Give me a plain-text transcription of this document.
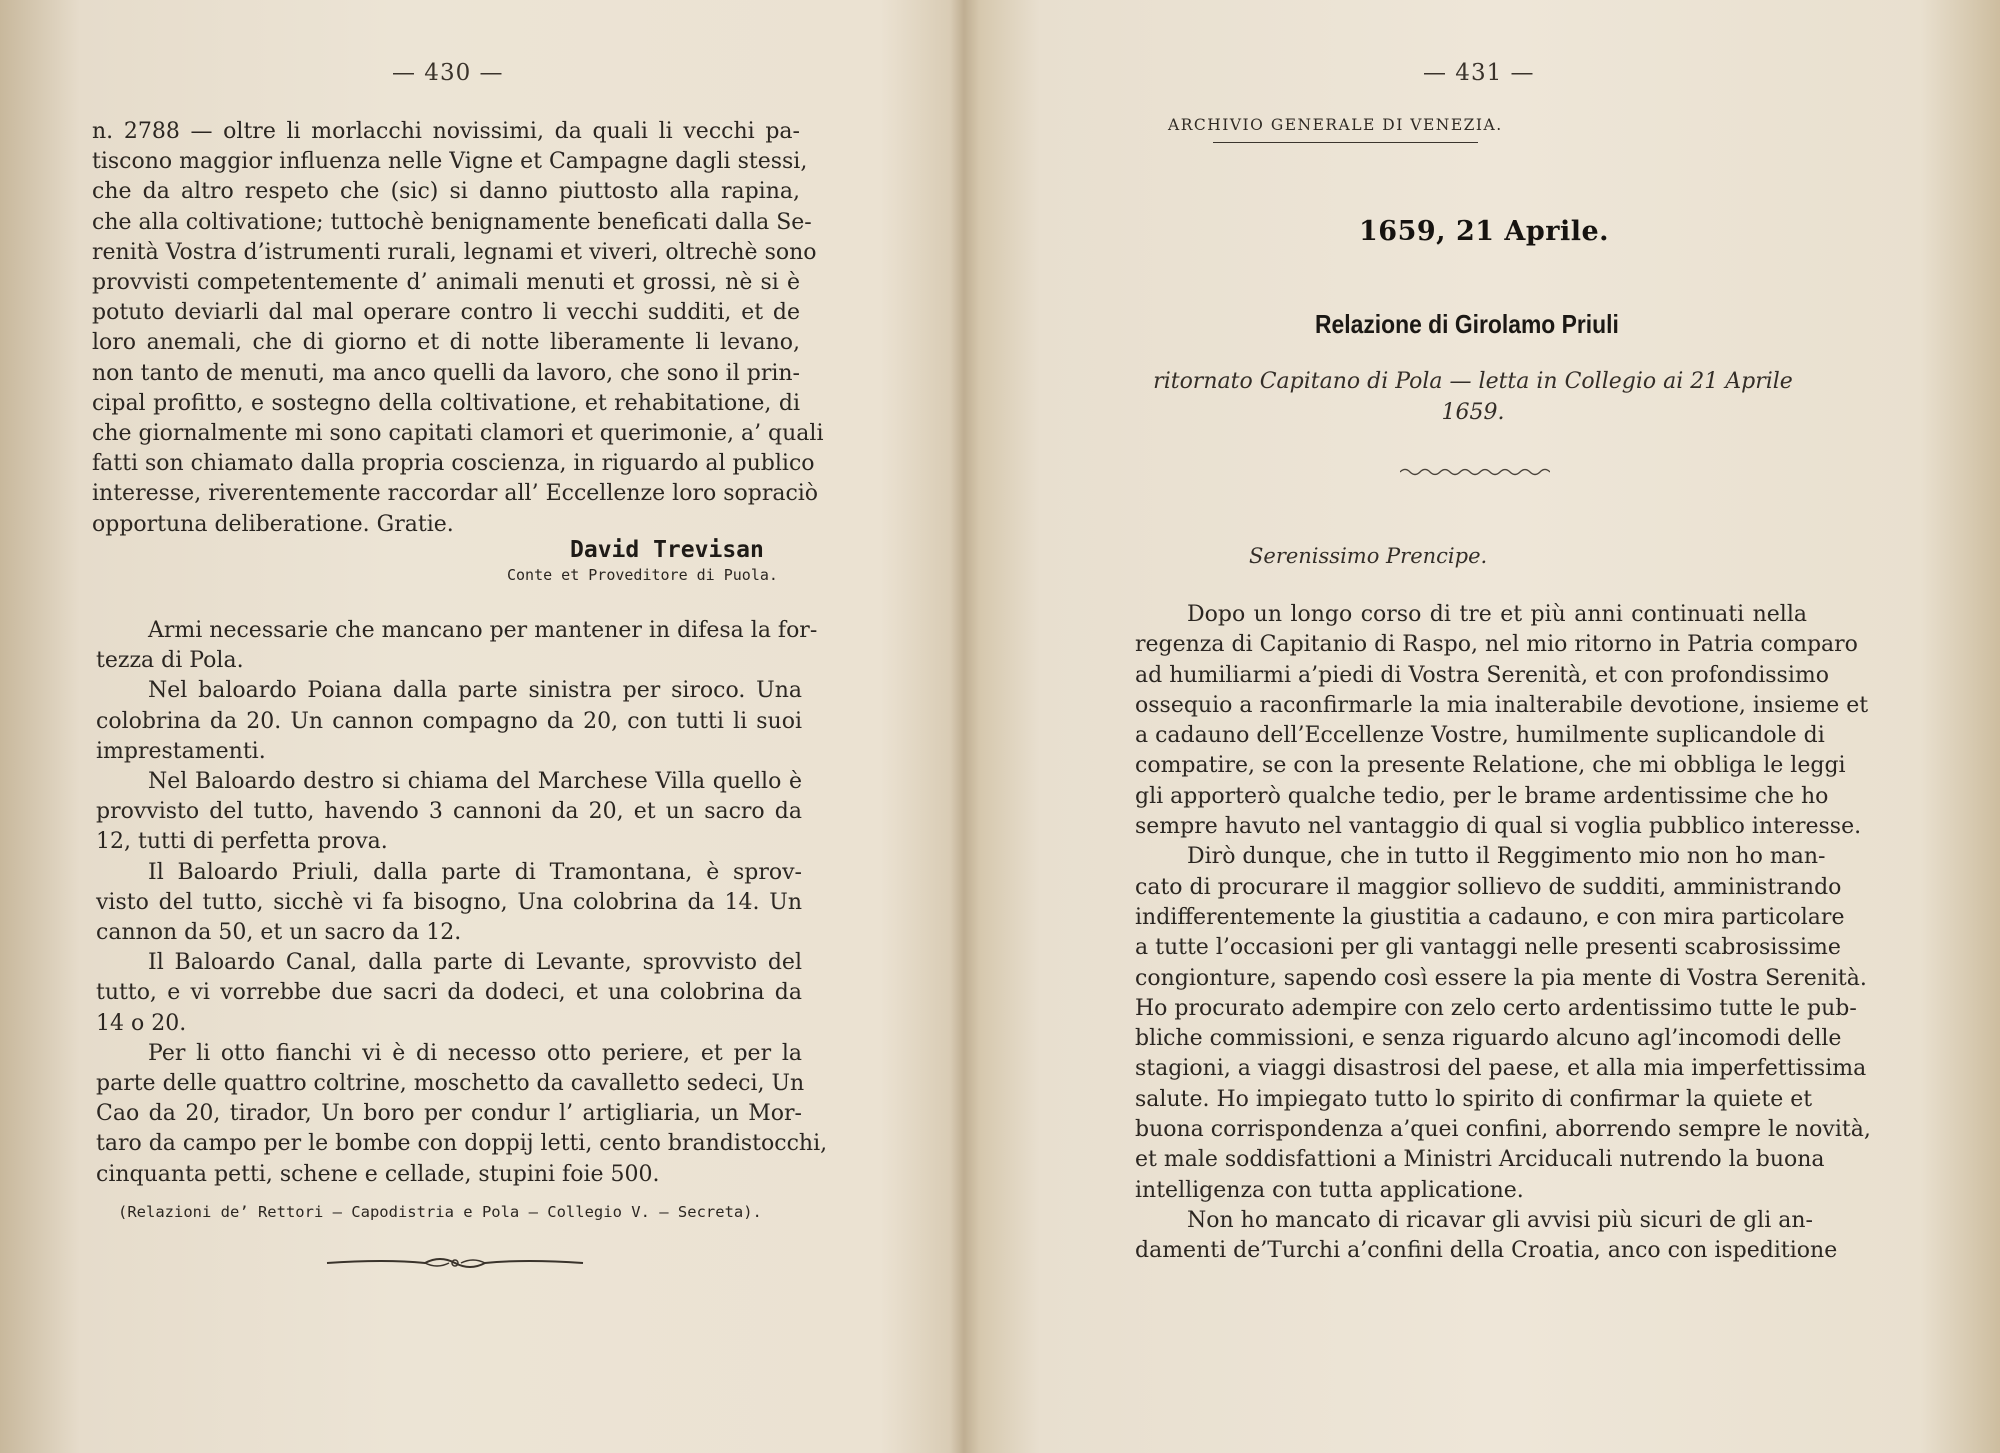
— 430 —
n. 2788 — oltre li morlacchi novissimi, da quali li vecchi pa-
tiscono maggior influenza nelle Vigne et Campagne dagli stessi,
che da altro respeto che (sic) si danno piuttosto alla rapina,
che alla coltivatione; tuttochè benignamente beneficati dalla Se-
renità Vostra d’istrumenti rurali, legnami et viveri, oltrechè sono
provvisti competentemente d’ animali menuti et grossi, nè si è
potuto deviarli dal mal operare contro li vecchi sudditi, et de
loro anemali, che di giorno et di notte liberamente li levano,
non tanto de menuti, ma anco quelli da lavoro, che sono il prin-
cipal profitto, e sostegno della coltivatione, et rehabitatione, di
che giornalmente mi sono capitati clamori et querimonie, a’ quali
fatti son chiamato dalla propria coscienza, in riguardo al publico
interesse, riverentemente raccordar all’ Eccellenze loro sopraciò
opportuna deliberatione. Gratie.
David Trevisan
Conte et Proveditore di Puola.
Armi necessarie che mancano per mantener in difesa la for-
tezza di Pola.
Nel baloardo Poiana dalla parte sinistra per siroco. Una
colobrina da 20. Un cannon compagno da 20, con tutti li suoi
imprestamenti.
Nel Baloardo destro si chiama del Marchese Villa quello è
provvisto del tutto, havendo 3 cannoni da 20, et un sacro da
12, tutti di perfetta prova.
Il Baloardo Priuli, dalla parte di Tramontana, è sprov-
visto del tutto, sicchè vi fa bisogno, Una colobrina da 14. Un
cannon da 50, et un sacro da 12.
Il Baloardo Canal, dalla parte di Levante, sprovvisto del
tutto, e vi vorrebbe due sacri da dodeci, et una colobrina da
14 o 20.
Per li otto fianchi vi è di necesso otto periere, et per la
parte delle quattro coltrine, moschetto da cavalletto sedeci, Un
Cao da 20, tirador, Un boro per condur l’ artigliaria, un Mor-
taro da campo per le bombe con doppij letti, cento brandistocchi,
cinquanta petti, schene e cellade, stupini foie 500.
(Relazioni de’ Rettori — Capodistria e Pola — Collegio V. — Secreta).
— 431 —
ARCHIVIO GENERALE DI VENEZIA.
1659, 21 Aprile.
Relazione di Girolamo Priuli

ritornato Capitano di Pola — letta in Collegio ai 21 Aprile 1659.

Serenissimo Prencipe.
Dopo un longo corso di tre et più anni continuati nella
regenza di Capitanio di Raspo, nel mio ritorno in Patria comparo
ad humiliarmi a’piedi di Vostra Serenità, et con profondissimo
ossequio a raconfirmarle la mia inalterabile devotione, insieme et
a cadauno dell’Eccellenze Vostre, humilmente suplicandole di
compatire, se con la presente Relatione, che mi obbliga le leggi
gli apporterò qualche tedio, per le brame ardentissime che ho
sempre havuto nel vantaggio di qual si voglia pubblico interesse.
Dirò dunque, che in tutto il Reggimento mio non ho man-
cato di procurare il maggior sollievo de sudditi, amministrando
indifferentemente la giustitia a cadauno, e con mira particolare
a tutte l’occasioni per gli vantaggi nelle presenti scabrosissime
congionture, sapendo così essere la pia mente di Vostra Serenità.
Ho procurato adempire con zelo certo ardentissimo tutte le pub-
bliche commissioni, e senza riguardo alcuno agl’incomodi delle
stagioni, a viaggi disastrosi del paese, et alla mia imperfettissima
salute. Ho impiegato tutto lo spirito di confirmar la quiete et
buona corrispondenza a’quei confini, aborrendo sempre le novità,
et male soddisfattioni a Ministri Arciducali nutrendo la buona
intelligenza con tutta applicatione.
Non ho mancato di ricavar gli avvisi più sicuri de gli an-
damenti de’Turchi a’confini della Croatia, anco con ispeditione
